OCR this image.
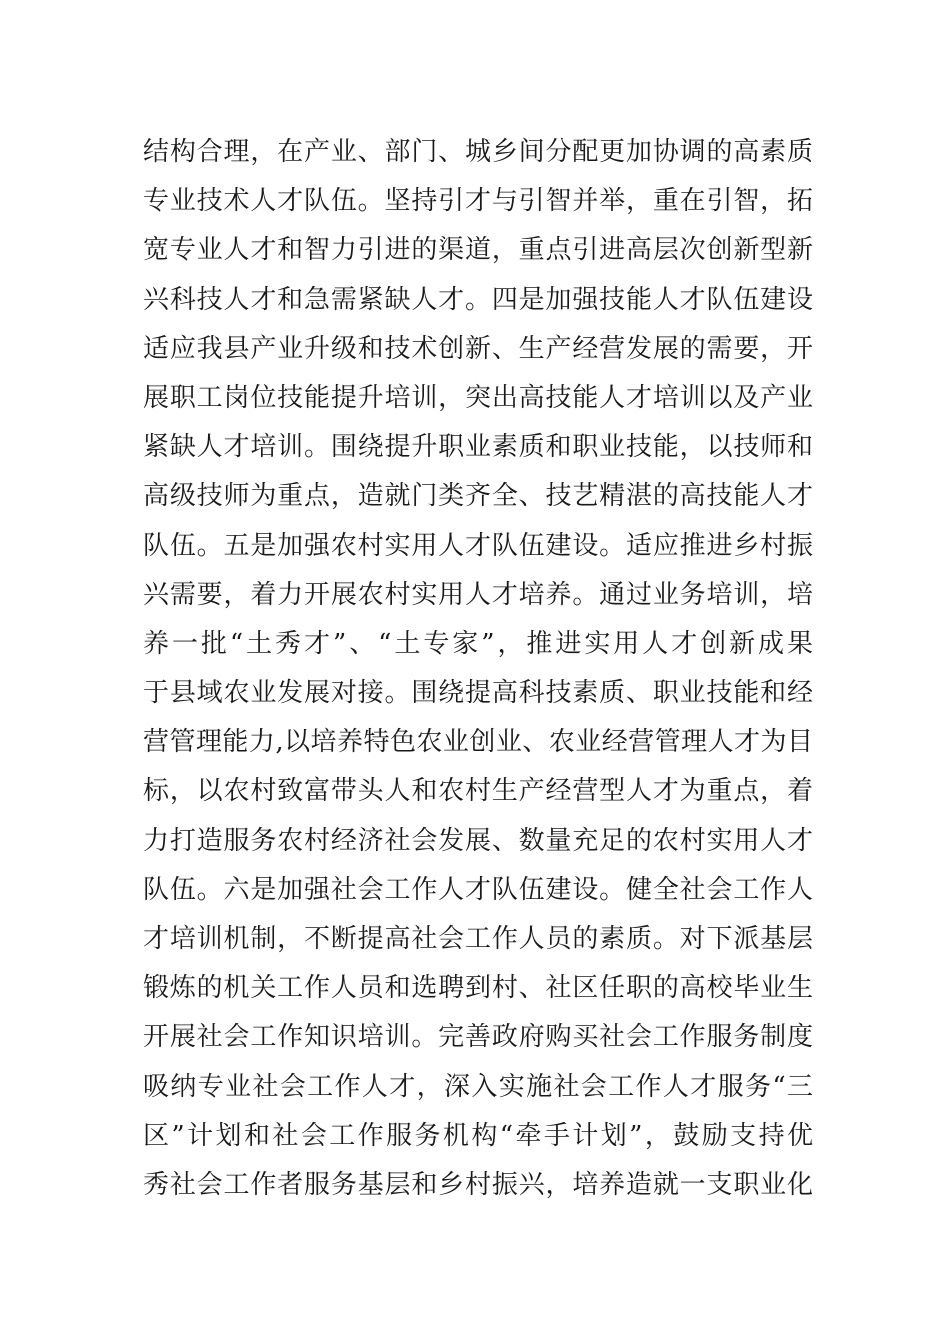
结构合理，在产业、部门、城乡间分配更加协调的高素质
专业技术人才队伍。坚持引才与引智并举，重在引智，拓
宽专业人才和智力引进的渠道，重点引进高层次创新型新
兴科技人才和急需紧缺人才。四是加强技能人才队伍建设
适应我县产业升级和技术创新、生产经营发展的需要，开
展职工岗位技能提升培训，突出高技能人才培训以及产业
紧缺人才培训。围绕提升职业素质和职业技能，以技师和
高级技师为重点，造就门类齐全、技艺精湛的高技能人才
队伍。五是加强农村实用人才队伍建设。适应推进乡村振
兴需要，着力开展农村实用人才培养。通过业务培训，培
养一批“土秀才”、“土专家”，推进实用人才创新成果
于县域农业发展对接。围绕提高科技素质、职业技能和经
营管理能力,以培养特色农业创业、农业经营管理人才为目
标，以农村致富带头人和农村生产经营型人才为重点，着
力打造服务农村经济社会发展、数量充足的农村实用人才
队伍。六是加强社会工作人才队伍建设。健全社会工作人
才培训机制，不断提高社会工作人员的素质。对下派基层
锻炼的机关工作人员和选聘到村、社区任职的高校毕业生
开展社会工作知识培训。完善政府购买社会工作服务制度
吸纳专业社会工作人才，深入实施社会工作人才服务“三
区”计划和社会工作服务机构“牵手计划”，鼓励支持优
秀社会工作者服务基层和乡村振兴，培养造就一支职业化
